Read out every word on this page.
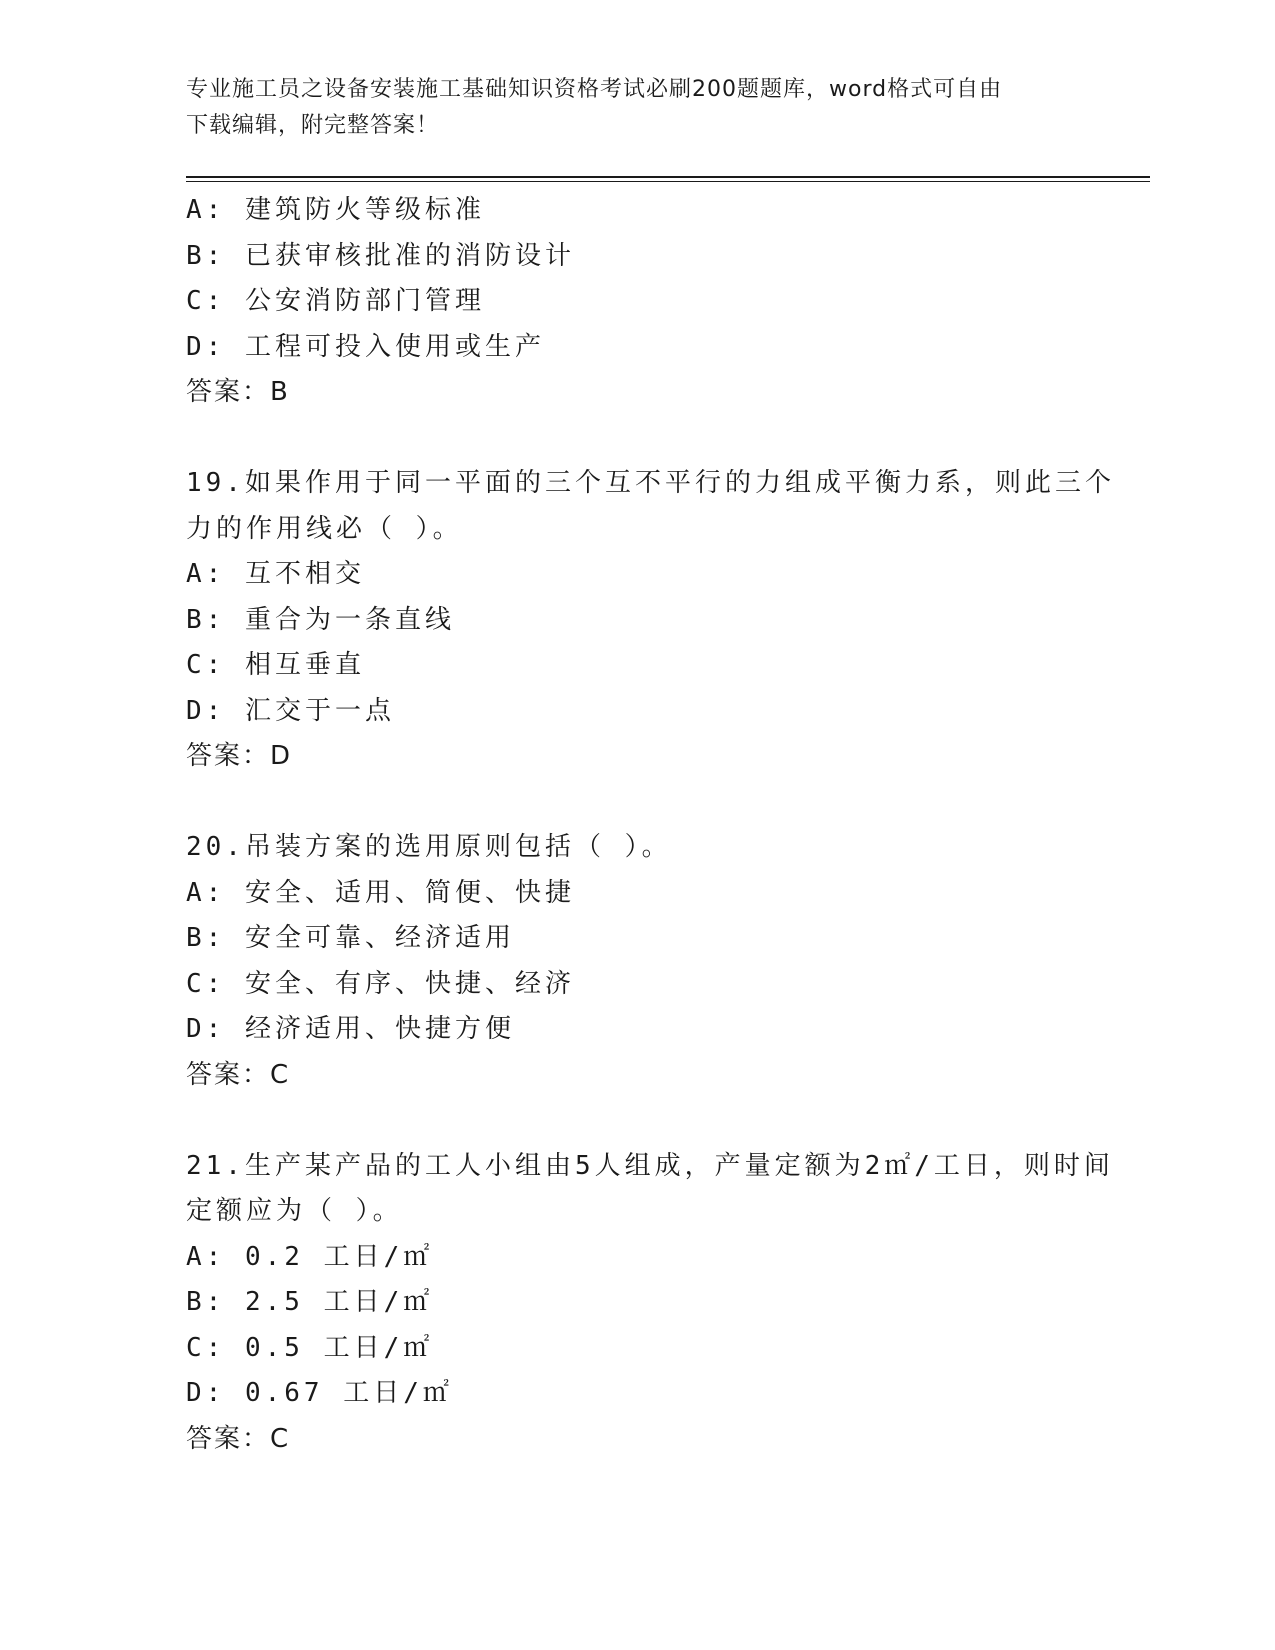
专业施工员之设备安装施工基础知识资格考试必刷200题题库，word格式可自由
下载编辑，附完整答案！
A: 建筑防火等级标准
B: 已获审核批准的消防设计
C: 公安消防部门管理
D: 工程可投入使用或生产
答案：B
19.如果作用于同一平面的三个互不平行的力组成平衡力系，则此三个
力的作用线必（ ）。
A: 互不相交
B: 重合为一条直线
C: 相互垂直
D: 汇交于一点
答案：D
20.吊装方案的选用原则包括（ ）。
A: 安全、适用、简便、快捷
B: 安全可靠、经济适用
C: 安全、有序、快捷、经济
D: 经济适用、快捷方便
答案：C
21.生产某产品的工人小组由5人组成，产量定额为2㎡/工日，则时间
定额应为（ ）。
A: 0.2 工日/㎡
B: 2.5 工日/㎡
C: 0.5 工日/㎡
D: 0.67 工日/㎡
答案：C
